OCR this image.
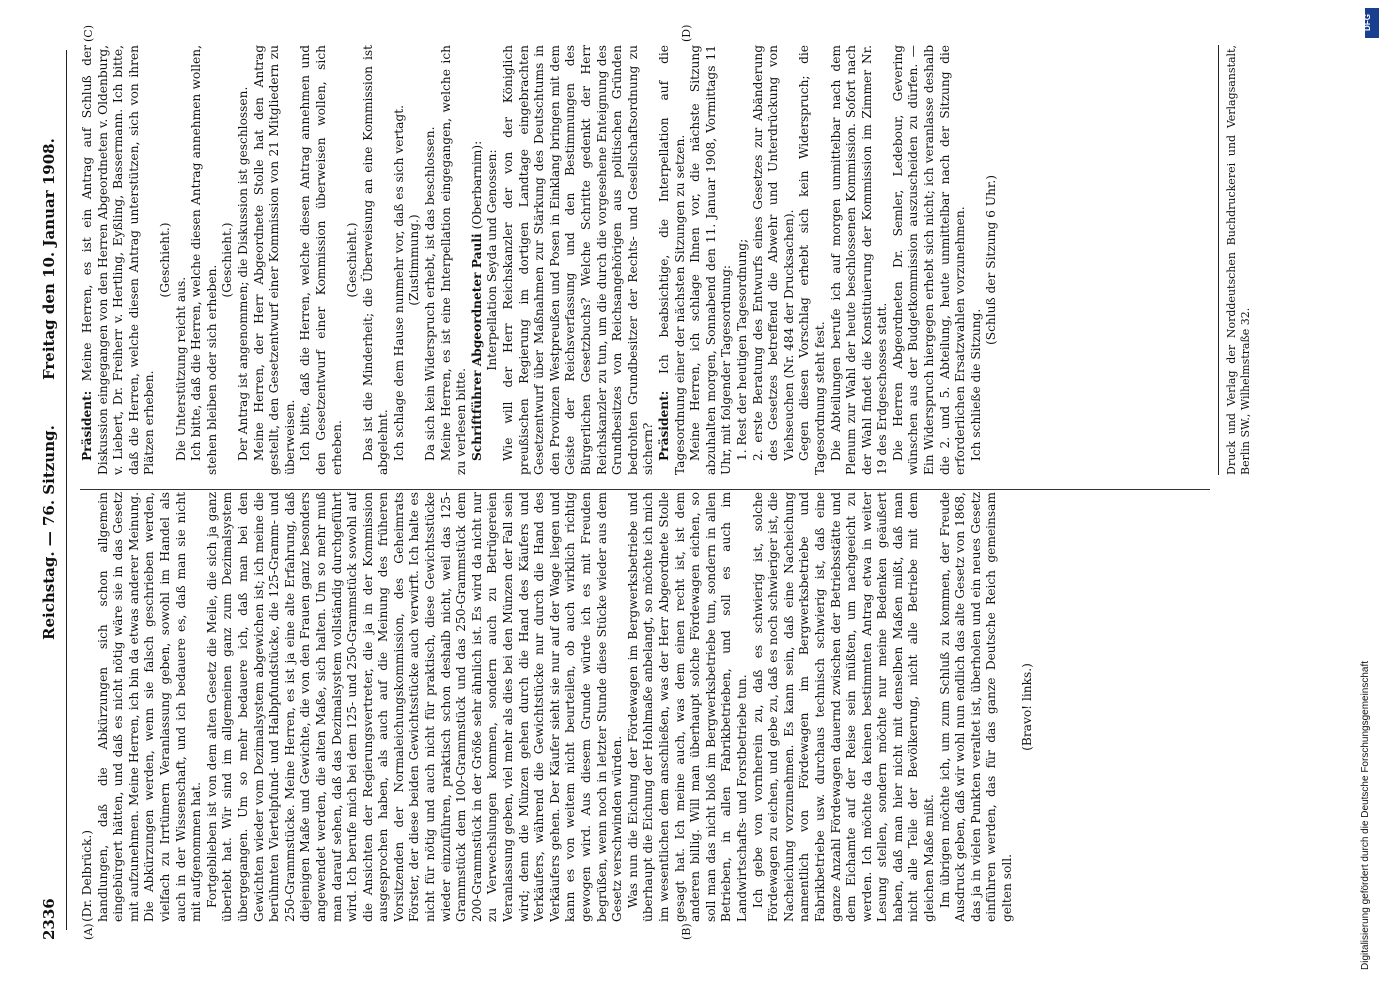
2336
Reichstag. — 76. Sitzung.
Freitag den 10. Januar 1908.
(A)	(B)
(C)	(D)

(Dr. Delbrück.) handlungen, daß die Abkürzungen sich schon allgemein eingebürgert hätten, und daß es nicht nötig wäre sie in das Gesetz mit aufzunehmen. Meine Herren, ich bin da etwas anderer Meinung. Die Abkürzungen werden, wenn sie falsch geschrieben werden, vielfach zu Irrtümern Veranlassung geben, sowohl im Handel als auch in der Wissenschaft, und ich bedauere es, daß man sie nicht mit aufgenommen hat. Fortgeblieben ist von dem alten Gesetz die Meile, die sich ja ganz überlebt hat. Wir sind im allgemeinen ganz zum Dezimalsystem übergegangen. Um so mehr bedauere ich, daß man bei den Gewichten wieder vom Dezimalsystem abgewichen ist; ich meine die berühmten Viertelpfund- und Halbpfundstücke, die 125-Gramm- und 250-Grammstücke. Meine Herren, es ist ja eine alte Erfahrung, daß diejenigen Maße und Gewichte, die von den Frauen ganz besonders angewendet werden, die alten Maße, sich halten. Um so mehr muß man darauf sehen, daß das Dezimalsystem vollständig durchgeführt wird. Ich berufe mich bei dem 125- und 250-Grammstück sowohl auf die Ansichten der Regierungsvertreter, die ja in der Kommission ausgesprochen haben, als auch auf die Meinung des früheren Vorsitzenden der Normaleichungskommission, des Geheimrats Förster, der diese beiden Gewichtsstücke auch verwirft. Ich halte es nicht für nötig und auch nicht für praktisch, diese Gewichtsstücke wieder einzuführen, praktisch schon deshalb nicht, weil das 125-Grammstück dem 100-Grammstück und das 250-Grammstück dem 200-Grammstück in der Größe sehr ähnlich ist. Es wird da nicht nur zu Verwechslungen kommen, sondern auch zu Betrügereien Veranlassung geben, viel mehr als dies bei den Münzen der Fall sein wird; denn die Münzen gehen durch die Hand des Käufers und Verkäufers, während die Gewichtstücke nur durch die Hand des Verkäufers gehen. Der Käufer sieht sie nur auf der Wage liegen und kann es von weitem nicht beurteilen, ob auch wirklich richtig gewogen wird. Aus diesem Grunde würde ich es mit Freuden begrüßen, wenn noch in letzter Stunde diese Stücke wieder aus dem Gesetz verschwinden würden. Was nun die Eichung der Fördewagen im Bergwerksbetriebe und überhaupt die Eichung der Hohlmaße anbelangt, so möchte ich mich im wesentlichen dem anschließen, was der Herr Abgeordnete Stolle gesagt hat. Ich meine auch, was dem einen recht ist, ist dem anderen billig. Will man überhaupt solche Fördewagen eichen, so soll man das nicht bloß im Bergwerksbetriebe tun, sondern in allen Betrieben, in allen Fabrikbetrieben, und soll es auch im Landwirtschafts- und Forstbetriebe tun. Ich gebe von vornherein zu, daß es schwierig ist, solche Fördewagen zu eichen, und gebe zu, daß es noch schwieriger ist, die Nacheichung vorzunehmen. Es kann sein, daß eine Nacheichung namentlich von Fördewagen im Bergwerksbetriebe und Fabrikbetriebe usw. durchaus technisch schwierig ist, daß eine ganze Anzahl Fördewagen dauernd zwischen der Betriebsstätte und dem Eichamte auf der Reise sein müßten, um nachgeeicht zu werden. Ich möchte da keinen bestimmten Antrag etwa in weiter Lesung stellen, sondern möchte nur meine Bedenken geäußert haben, daß man hier nicht mit denselben Maßen mißt, daß man nicht alle Teile der Bevölkerung, nicht alle Betriebe mit dem gleichen Maße mißt. Im übrigen möchte ich, um zum Schluß zu kommen, der Freude Ausdruck geben, daß wir wohl nun endlich das alte Gesetz von 1868, das ja in vielen Punkten veraltet ist, überholen und ein neues Gesetz einführen werden, das für das ganze Deutsche Reich gemeinsam gelten soll.

(Bravo! links.)

Präsident: Meine Herren, es ist ein Antrag auf Schluß der Diskussion eingegangen von den Herren Abgeordneten v. Oldenburg, v. Liebert, Dr. Freiherr v. Hertling, Eyßling, Bassermann. Ich bitte, daß die Herren, welche diesen Antrag unterstützen, sich von ihren Plätzen erheben.

(Geschieht.)

Die Unterstützung reicht aus. Ich bitte, daß die Herren, welche diesen Antrag annehmen wollen, stehen bleiben oder sich erheben.

(Geschieht.) Der Antrag ist angenommen; die Diskussion ist geschlossen. Meine Herren, der Herr Abgeordnete Stolle hat den Antrag gestellt, den Gesetzentwurf einer Kommission von 21 Mitgliedern zu überweisen. Ich bitte, daß die Herren, welche diesen Antrag annehmen und den Gesetzentwurf einer Kommission überweisen wollen, sich erheben.

(Geschieht.) Das ist die Minderheit; die Überweisung an eine Kommission ist abgelehnt. Ich schlage dem Hause nunmehr vor, daß es sich vertagt. (Zustimmung.) Da sich kein Widerspruch erhebt, ist das beschlossen. Meine Herren, es ist eine Interpellation eingegangen, welche ich zu verlesen bitte. Schriftführer Abgeordneter Pauli (Oberbarnim): Interpellation Seyda und Genossen: Wie will der Herr Reichskanzler der von der Königlich preußischen Regierung im dortigen Landtage eingebrachten Gesetzentwurf über Maßnahmen zur Stärkung des Deutschtums in den Provinzen Westpreußen und Posen in Einklang bringen mit dem Geiste der Reichsverfassung und den Bestimmungen des Bürgerlichen Gesetzbuchs? Welche Schritte gedenkt der Herr Reichskanzler zu tun, um die durch die vorgesehene Enteignung des Grundbesitzes von Reichsangehörigen aus politischen Gründen bedrohten Grundbesitzer der Rechts- und Gesellschaftsordnung zu sichern? Präsident: Ich beabsichtige, die Interpellation auf die Tagesordnung einer der nächsten Sitzungen zu setzen. Meine Herren, ich schlage Ihnen vor, die nächste Sitzung abzuhalten morgen, Sonnabend den 11. Januar 1908, Vormittags 11 Uhr, mit folgender Tagesordnung: 1. Rest der heutigen Tagesordnung; 2. erste Beratung des Entwurfs eines Gesetzes zur Abänderung des Gesetzes betreffend die Abwehr und Unterdrückung von Viehseuchen (Nr. 484 der Drucksachen). Gegen diesen Vorschlag erhebt sich kein Widerspruch; die Tagesordnung steht fest. Die Abteilungen berufe ich auf morgen unmittelbar nach dem Plenum zur Wahl der heute beschlossenen Kommission. Sofort nach der Wahl findet die Konstituierung der Kommission im Zimmer Nr. 19 des Erdgeschosses statt. Die Herren Abgeordneten Dr. Semler, Ledebour, Gevering wünschen aus der Budgetkommission auszuscheiden zu dürfen. — Ein Widerspruch hiergegen erhebt sich nicht; ich veranlasse deshalb die 2. und 5. Abteilung, heute unmittelbar nach der Sitzung die erforderlichen Ersatzwahlen vorzunehmen. Ich schließe die Sitzung.

(Schluß der Sitzung 6 Uhr.)	Druck und Verlag der Norddeutschen Buchdruckerei und Verlagsanstalt, Berlin SW., Wilhelmstraße 32.
Digitalisierung gefördert durch die Deutsche Forschungsgemeinschaft
DFG
